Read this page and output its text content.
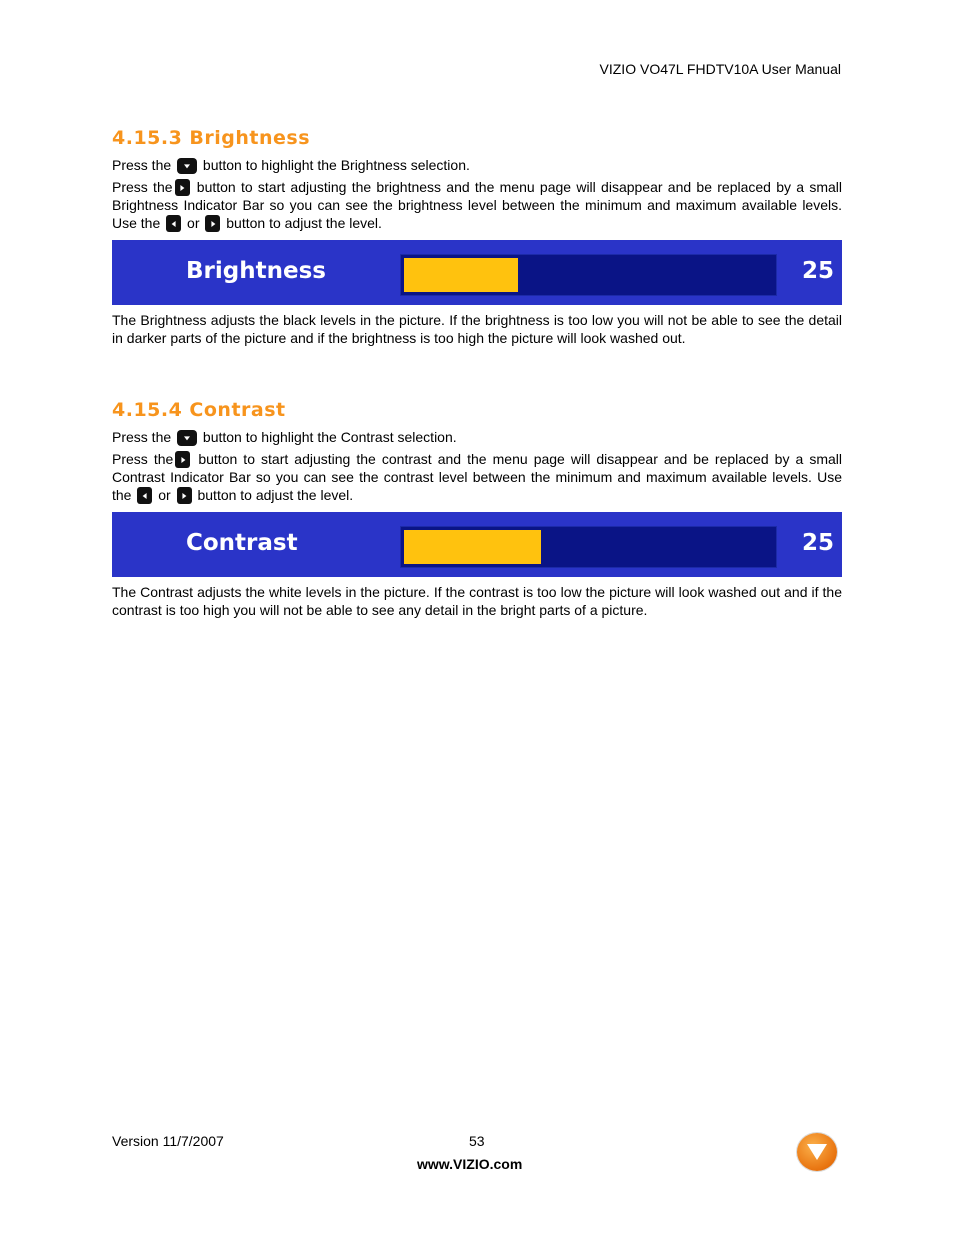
VIZIO VO47L FHDTV10A User Manual
4.15.3 Brightness

Press the  button to highlight the Brightness selection.

Press the button to start adjusting the brightness and the menu page will disappear and be replaced by a small Brightness Indicator Bar so you can see the brightness level between the minimum and maximum available levels. Use the  or  button to adjust the level.

Brightness	25

The Brightness adjusts the black levels in the picture. If the brightness is too low you will not be able to see the detail in darker parts of the picture and if the brightness is too high the picture will look washed out.

4.15.4 Contrast

Press the  button to highlight the Contrast selection.

Press the button to start adjusting the contrast and the menu page will disappear and be replaced by a small Contrast Indicator Bar so you can see the contrast level between the minimum and maximum available levels. Use the  or  button to adjust the level.

Contrast	25

The Contrast adjusts the white levels in the picture. If the contrast is too low the picture will look washed out and if the contrast is too high you will not be able to see any detail in the bright parts of a picture.

Version 11/7/2007	53
www.VIZIO.com
